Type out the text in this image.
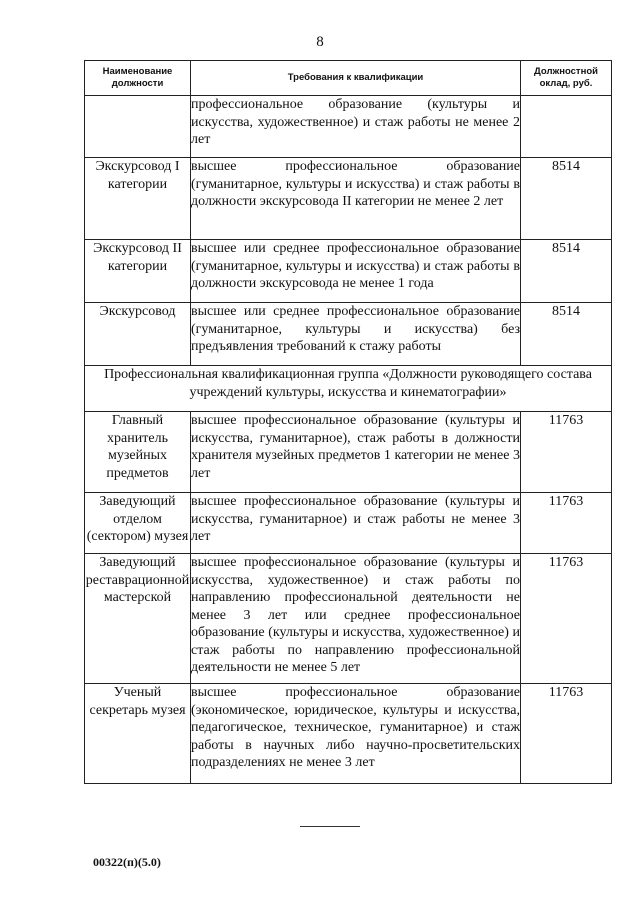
8
Наименование должности	Требования к квалификации	Должностной оклад, руб.
	профессиональное образование (культуры и искусства, художественное) и стаж работы не менее 2 лет	
Экскурсовод I категории	высшее профессиональное образование (гуманитарное, культуры и искусства) и стаж работы в должности экскурсовода II категории не менее 2 лет	8514
Экскурсовод II категории	высшее или среднее профессиональное образование (гуманитарное, культуры и искусства) и стаж работы в должности экскурсовода не менее 1 года	8514
Экскурсовод	высшее или среднее профессиональное образование (гуманитарное, культуры и искусства) без предъявления требований к стажу работы	8514
Профессиональная квалификационная группа «Должности руководящего состава учреждений культуры, искусства и кинематографии»		
Главный хранитель музейных предметов	высшее профессиональное образование (культуры и искусства, гуманитарное), стаж работы в должности хранителя музейных предметов 1 категории не менее 3 лет	11763
Заведующий отделом (сектором) музея	высшее профессиональное образование (культуры и искусства, гуманитарное) и стаж работы не менее 3 лет	11763
Заведующий реставрационной мастерской	высшее профессиональное образование (культуры и искусства, художественное) и стаж работы по направлению профессиональной деятельности не менее 3 лет или среднее профессиональное образование (культуры и искусства, художественное) и стаж работы по направлению профессиональной деятельности не менее 5 лет	11763
Ученый секретарь музея	высшее профессиональное образование (экономическое, юридическое, культуры и искусства, педагогическое, техническое, гуманитарное) и стаж работы в научных либо научно-просветительских подразделениях не менее 3 лет	11763
00322(п)(5.0)
